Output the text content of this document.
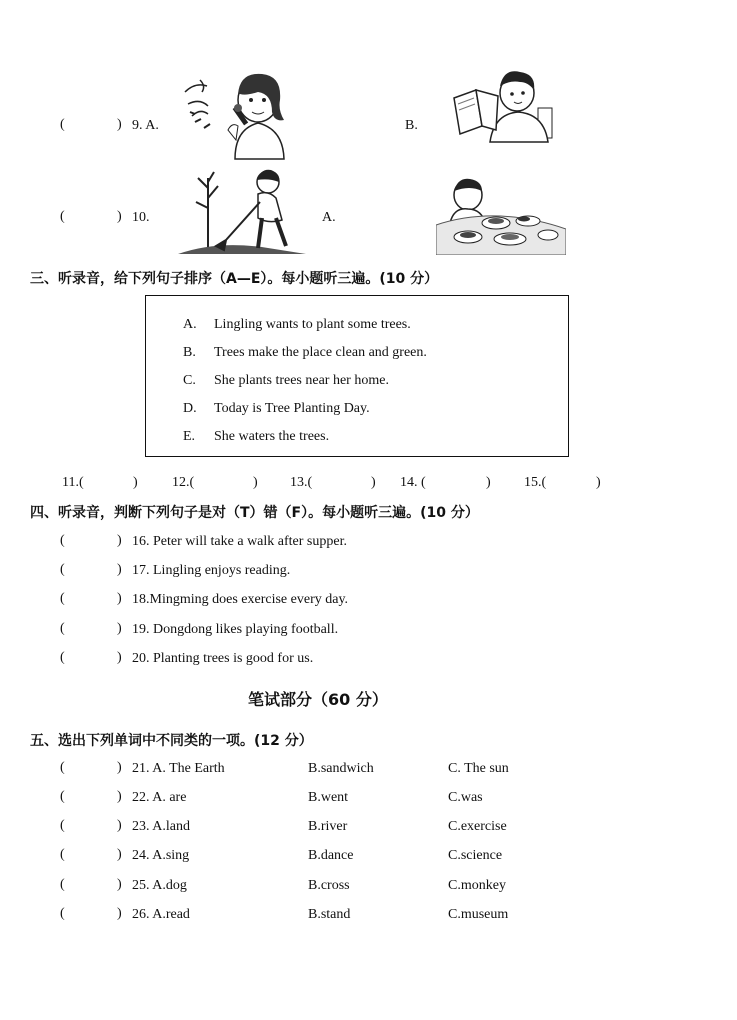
(	) 9. A.	B.
(	) 10.	A.
三、听录音，给下列句子排序（A—E）。每小题听三遍。(10 分）
A. Lingling wants to plant some trees.
B. Trees make the place clean and green.
C. She plants trees near her home.
D. Today is Tree Planting Day.
E. She waters the trees.
11.(	) 12.(	) 13.(	) 14. (	) 15.(	)
四、听录音，判断下列句子是对（T）错（F）。每小题听三遍。(10 分）
(	) 16. Peter will take a walk after supper.
(	) 17. Lingling enjoys reading.
(	) 18.Mingming does exercise every day.
(	) 19. Dongdong likes playing football.
(	) 20. Planting trees is good for us.
笔试部分（60 分）
五、选出下列单词中不同类的一项。(12 分）
(	) 21. A. The Earth	B.sandwich	C. The sun
(	) 22. A. are	B.went	C.was
(	) 23. A.land	B.river	C.exercise
(	) 24. A.sing	B.dance	C.science
(	) 25. A.dog	B.cross	C.monkey
(	) 26. A.read	B.stand	C.museum
